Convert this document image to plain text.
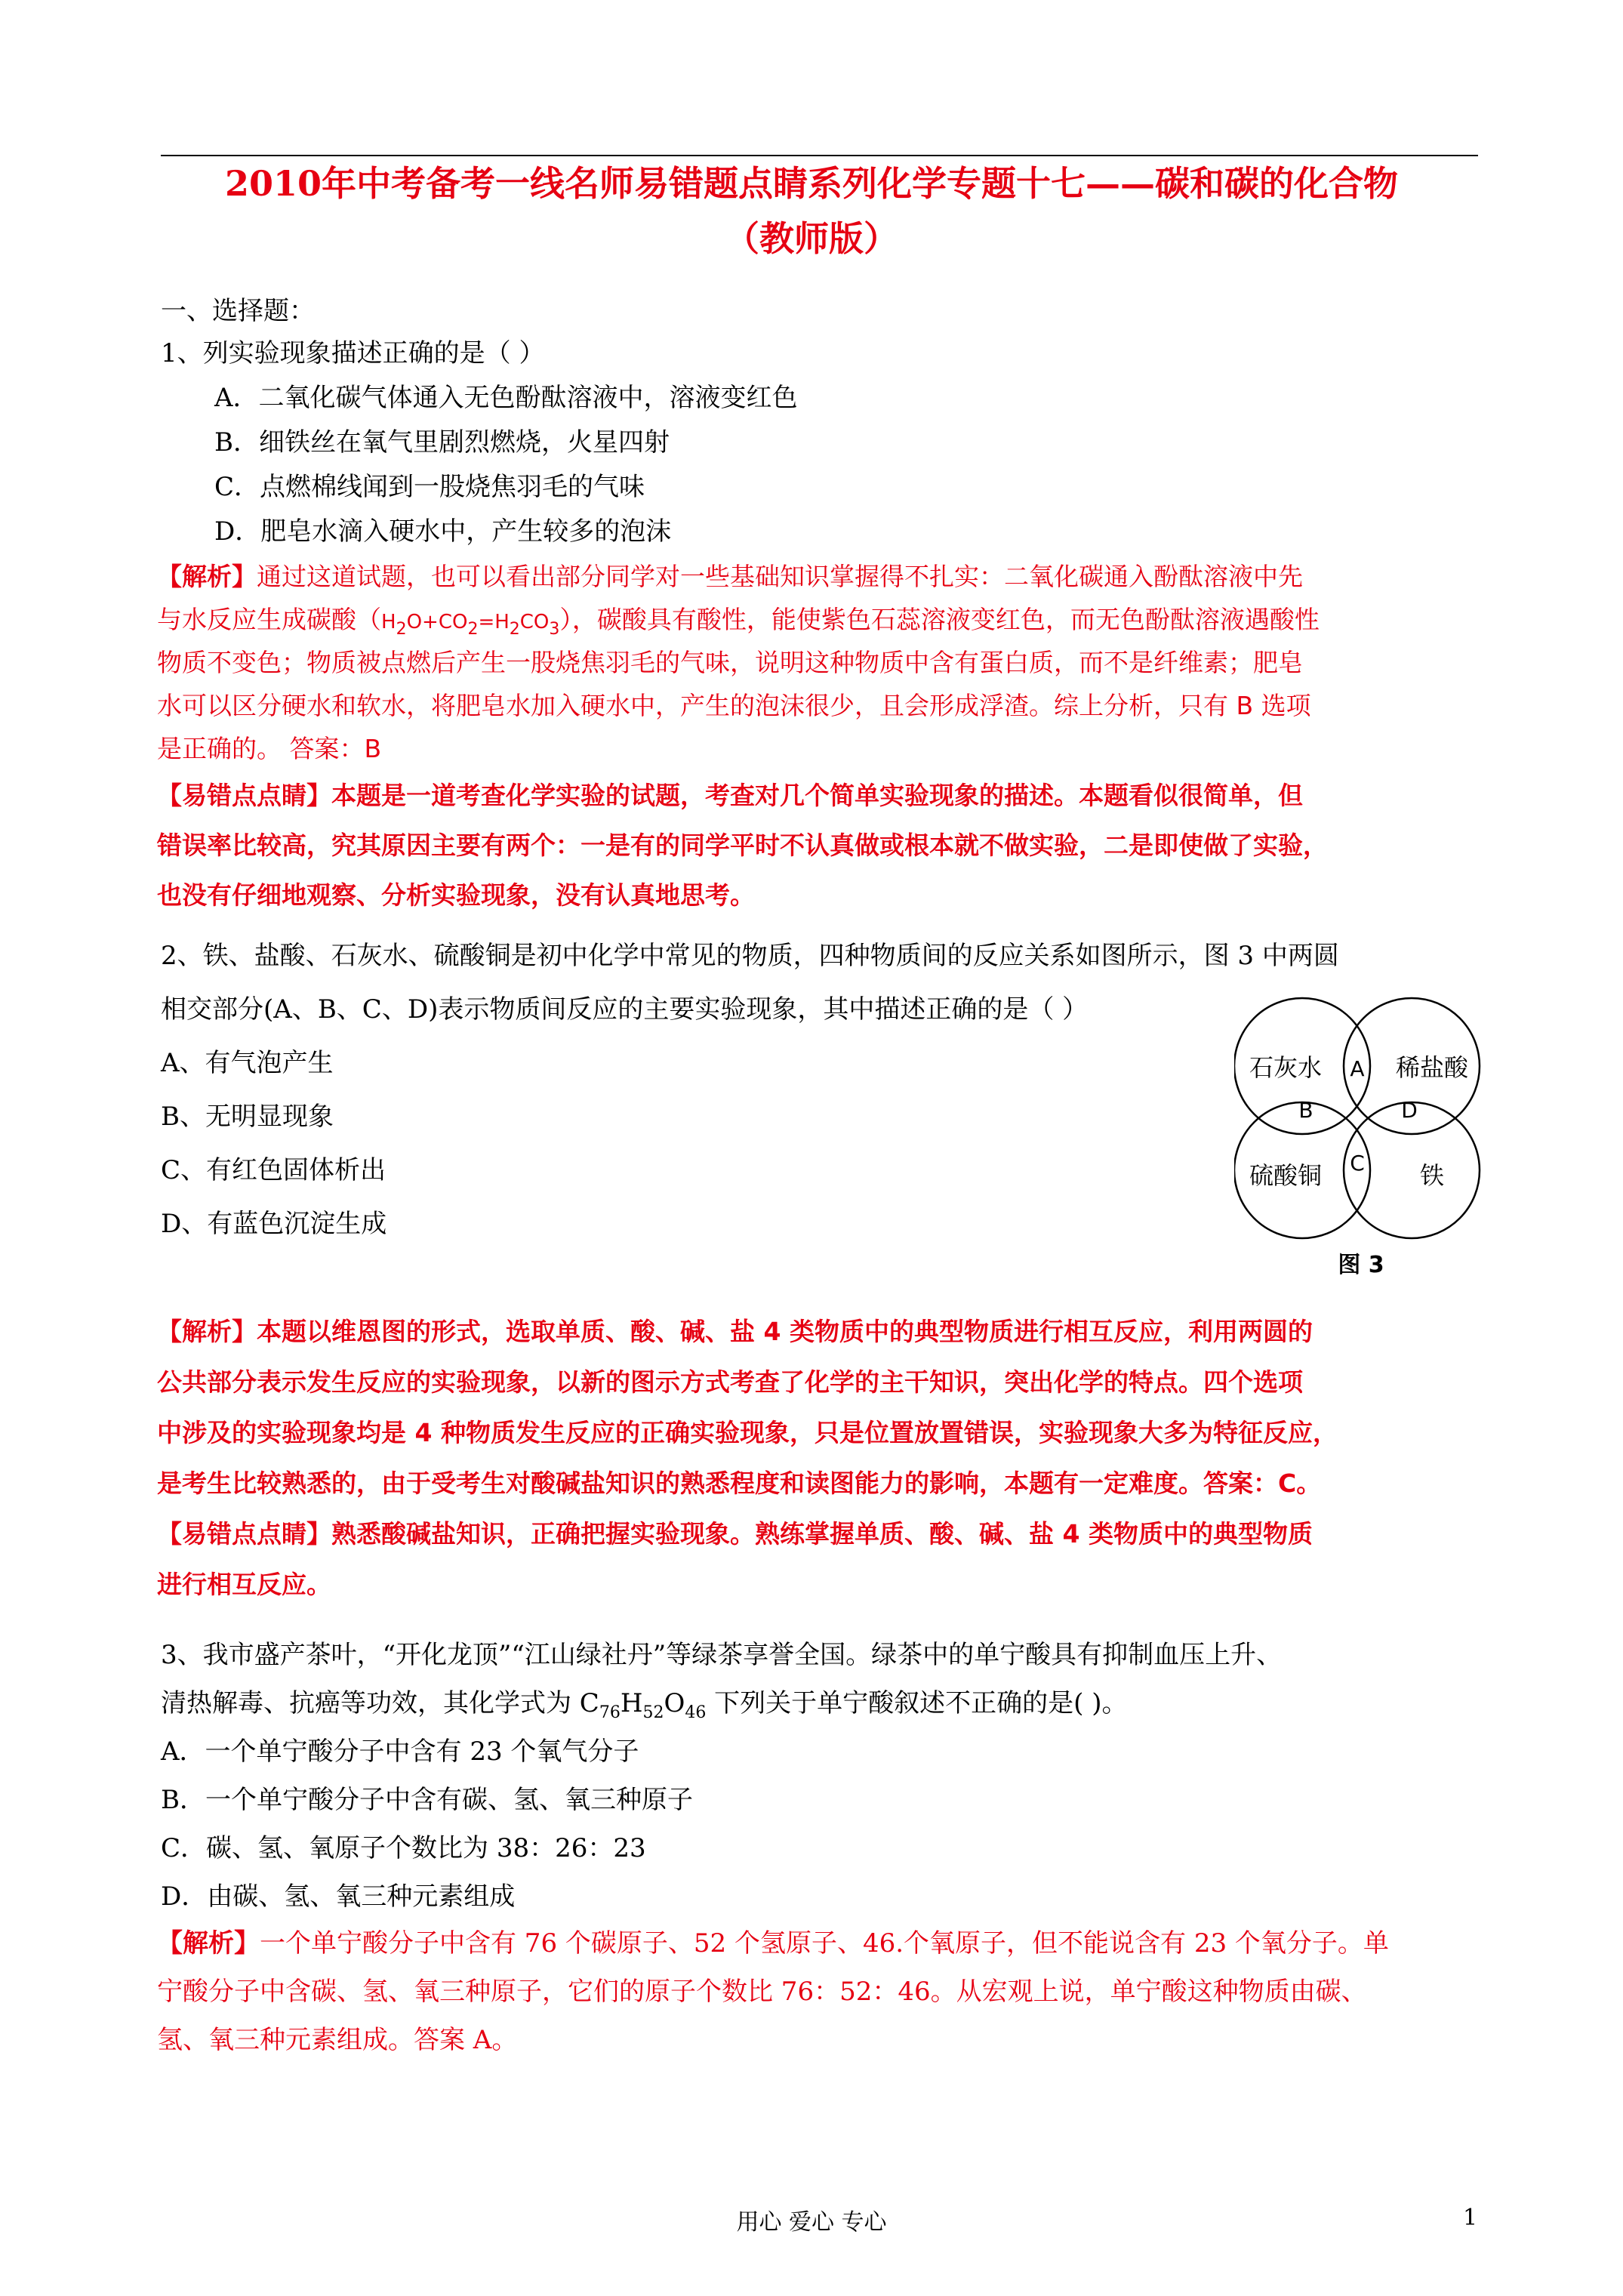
2010年中考备考一线名师易错题点睛系列化学专题十七——碳和碳的化合物
（教师版）
一、选择题：
1、列实验现象描述正确的是（ ）
A．二氧化碳气体通入无色酚酞溶液中，溶液变红色
B．细铁丝在氧气里剧烈燃烧，火星四射
C．点燃棉线闻到一股烧焦羽毛的气味
D．肥皂水滴入硬水中，产生较多的泡沫
【解析】通过这道试题，也可以看出部分同学对一些基础知识掌握得不扎实：二氧化碳通入酚酞溶液中先
与水反应生成碳酸$(H_2O+CO_2=H_2CO_3)$，碳酸具有酸性，能使紫色石蕊溶液变红色，而无色酚酞溶液遇酸性
物质不变色；物质被点燃后产生一股烧焦羽毛的气味，说明这种物质中含有蛋白质，而不是纤维素；肥皂
水可以区分硬水和软水，将肥皂水加入硬水中，产生的泡沫很少，且会形成浮渣。综上分析，只有 B 选项
是正确的。 答案：B
【易错点点睛】本题是一道考查化学实验的试题，考查对几个简单实验现象的描述。本题看似很简单，但
错误率比较高，究其原因主要有两个：一是有的同学平时不认真做或根本就不做实验，二是即使做了实验，
也没有仔细地观察、分析实验现象，没有认真地思考。
2、铁、盐酸、石灰水、硫酸铜是初中化学中常见的物质，四种物质间的反应关系如图所示，图 3 中两圆
相交部分(A、B、C、D)表示物质间反应的主要实验现象，其中描述正确的是（ ）
A、有气泡产生
B、无明显现象
C、有红色固体析出
D、有蓝色沉淀生成
石灰水	稀盐酸
硫酸铜	铁
A
B
C
D
图 3
【解析】本题以维恩图的形式，选取单质、酸、碱、盐 4 类物质中的典型物质进行相互反应，利用两圆的
公共部分表示发生反应的实验现象，以新的图示方式考查了化学的主干知识，突出化学的特点。四个选项
中涉及的实验现象均是 4 种物质发生反应的正确实验现象，只是位置放置错误，实验现象大多为特征反应，
是考生比较熟悉的，由于受考生对酸碱盐知识的熟悉程度和读图能力的影响，本题有一定难度。答案：C。
【易错点点睛】熟悉酸碱盐知识，正确把握实验现象。熟练掌握单质、酸、碱、盐 4 类物质中的典型物质
进行相互反应。
3、我市盛产茶叶，“开化龙顶”“江山绿社丹”等绿茶享誉全国。绿茶中的单宁酸具有抑制血压上升、
清热解毒、抗癌等功效，其化学式为 $C_{76}H_{52}O_{46}$ 下列关于单宁酸叙述不正确的是( )。
A．一个单宁酸分子中含有 23 个氧气分子
B．一个单宁酸分子中含有碳、氢、氧三种原子
C．碳、氢、氧原子个数比为 38：26：23
D．由碳、氢、氧三种元素组成
【解析】一个单宁酸分子中含有 76 个碳原子、52 个氢原子、46.个氧原子，但不能说含有 23 个氧分子。单
宁酸分子中含碳、氢、氧三种原子，它们的原子个数比 76：52：46。从宏观上说，单宁酸这种物质由碳、
氢、氧三种元素组成。答案 A。
用心 爱心 专心	1
